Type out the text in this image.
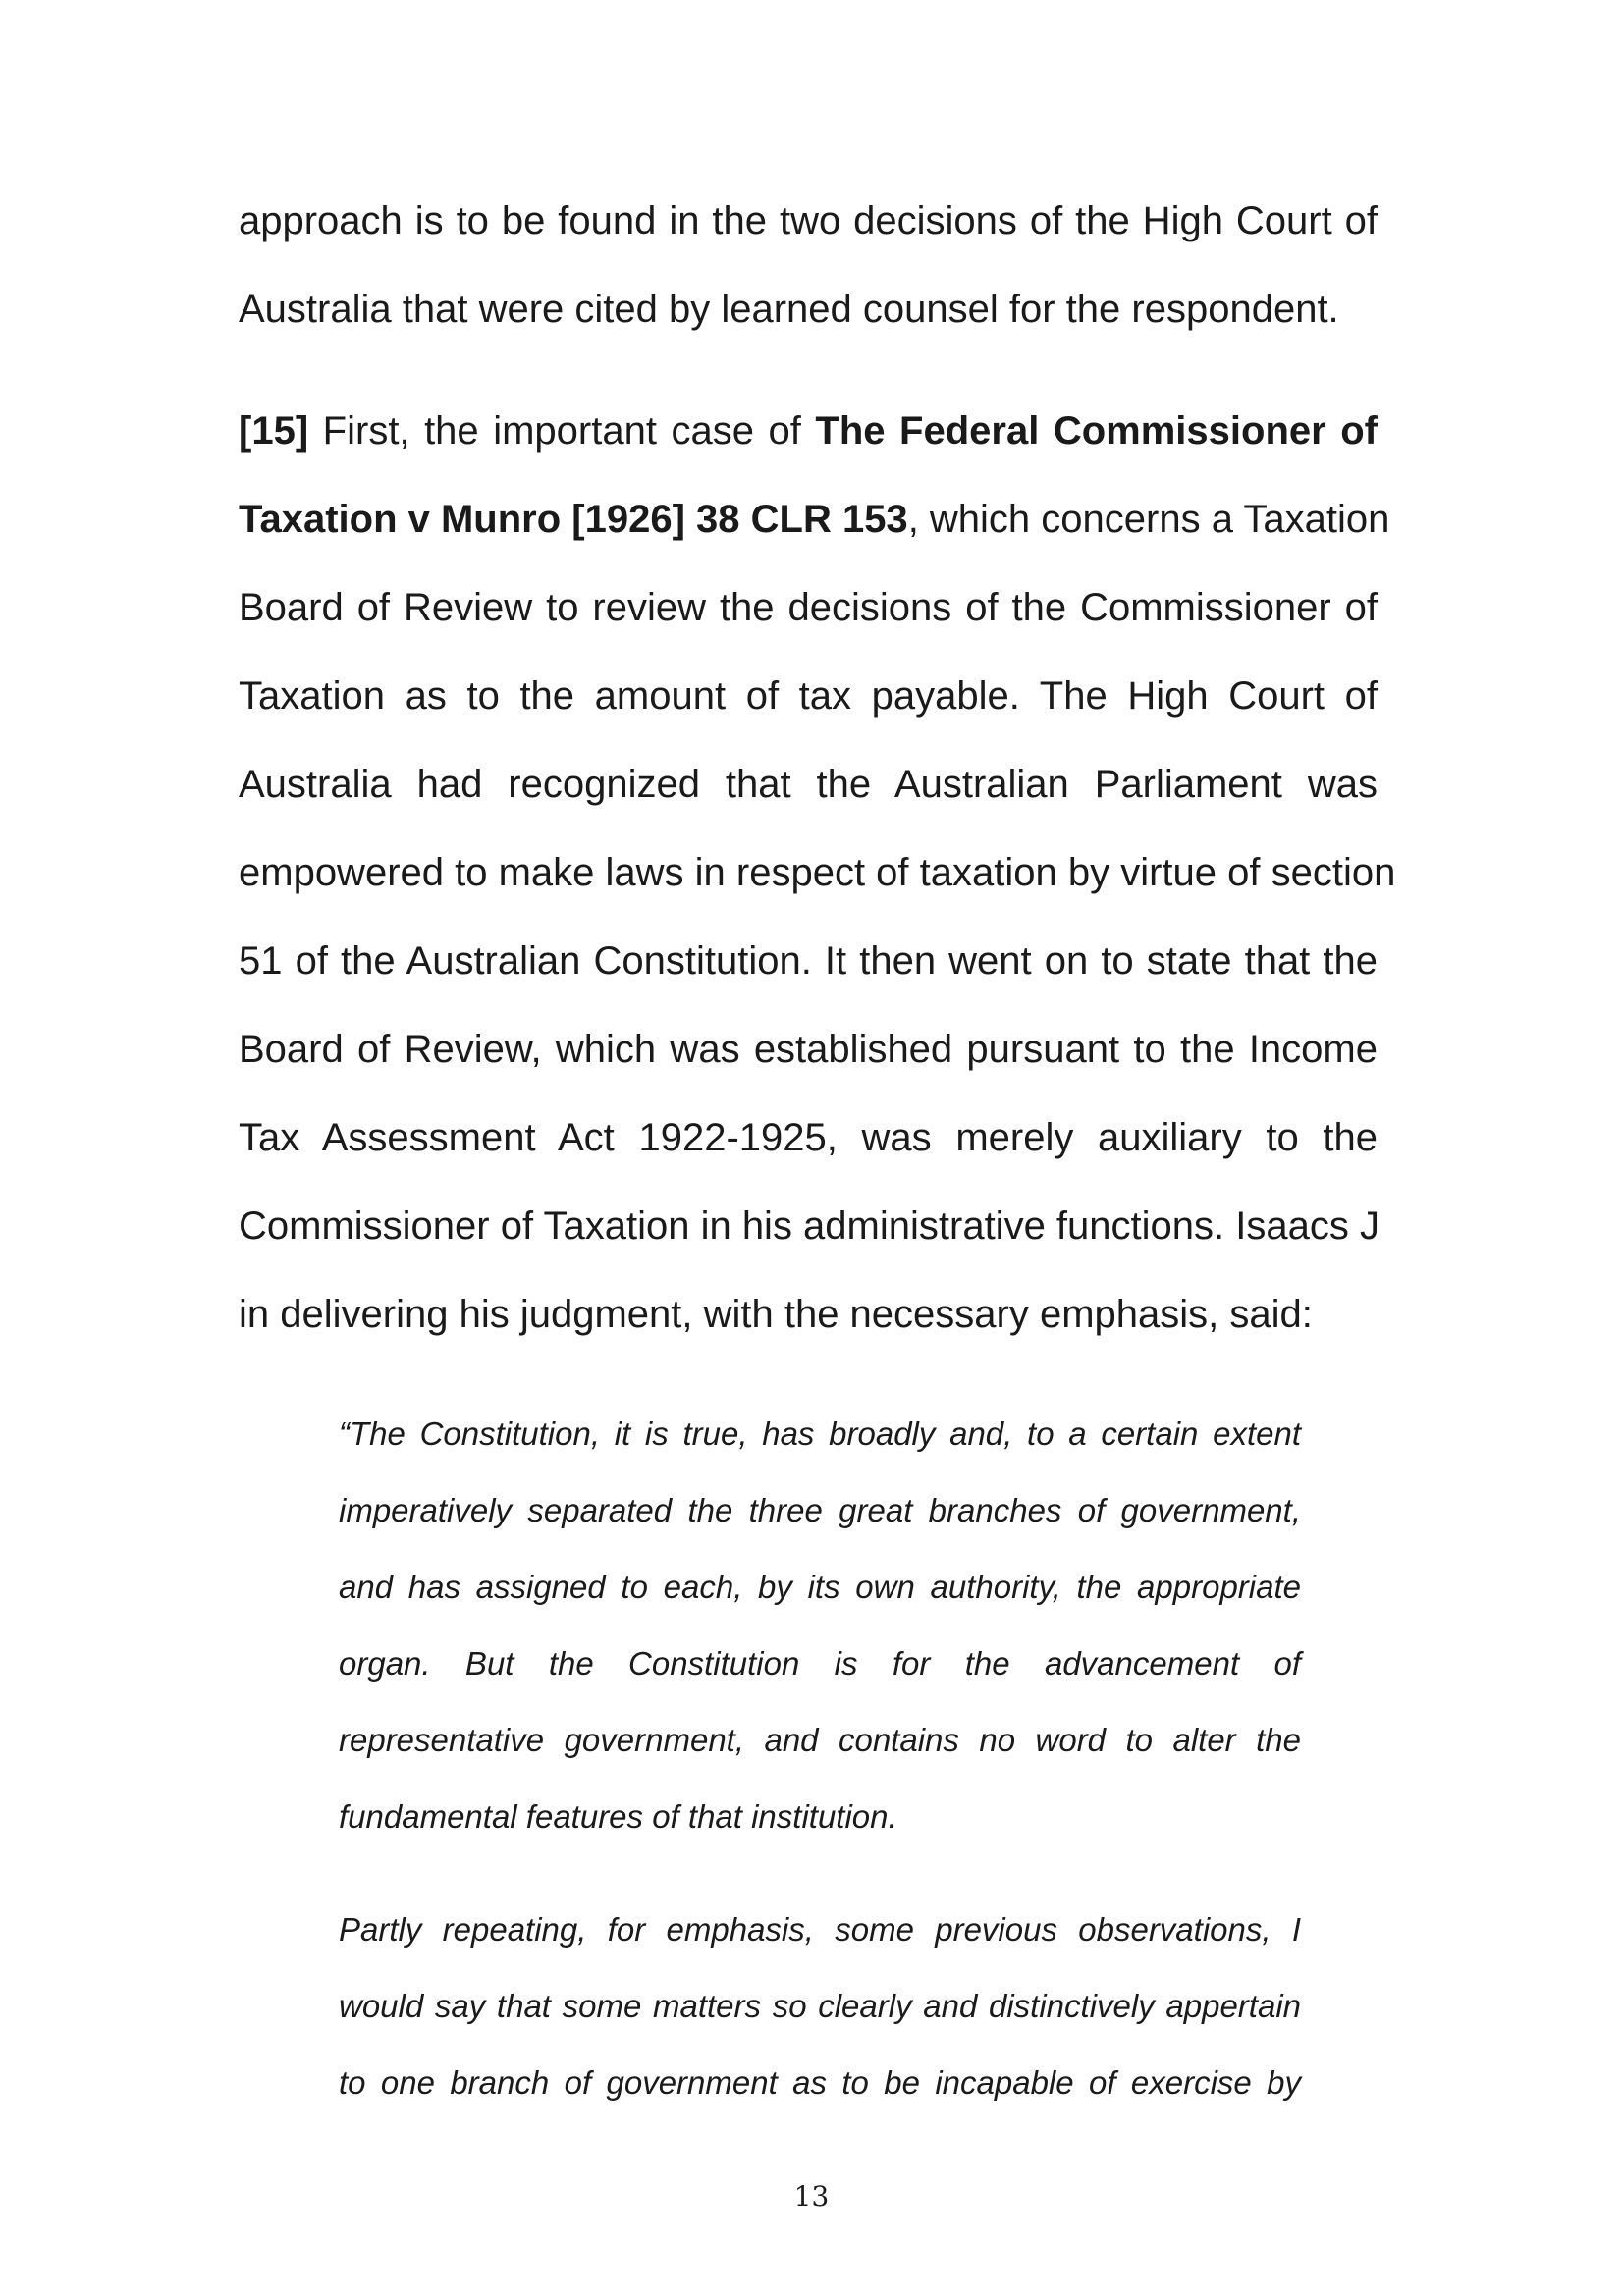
approach is to be found in the two decisions of the High Court of
Australia that were cited by learned counsel for the respondent.
[15] First, the important case of The Federal Commissioner of
Taxation v Munro [1926] 38 CLR 153, which concerns a Taxation
Board of Review to review the decisions of the Commissioner of
Taxation as to the amount of tax payable. The High Court of
Australia had recognized that the Australian Parliament was
empowered to make laws in respect of taxation by virtue of section
51 of the Australian Constitution. It then went on to state that the
Board of Review, which was established pursuant to the Income
Tax Assessment Act 1922-1925, was merely auxiliary to the
Commissioner of Taxation in his administrative functions. Isaacs J
in delivering his judgment, with the necessary emphasis, said:
“The Constitution, it is true, has broadly and, to a certain extent
imperatively separated the three great branches of government,
and has assigned to each, by its own authority, the appropriate
organ. But the Constitution is for the advancement of
representative government, and contains no word to alter the
fundamental features of that institution.
Partly repeating, for emphasis, some previous observations, I
would say that some matters so clearly and distinctively appertain
to one branch of government as to be incapable of exercise by
13
